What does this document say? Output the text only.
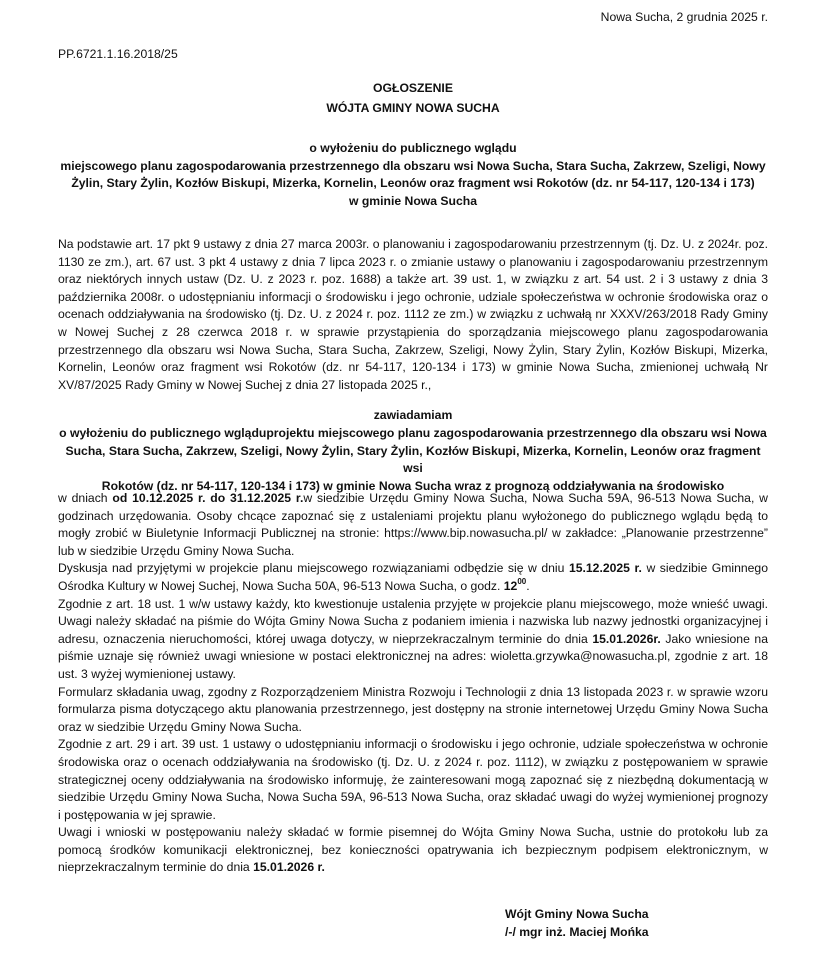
Nowa Sucha, 2 grudnia 2025 r.
PP.6721.1.16.2018/25
OGŁOSZENIE
WÓJTA GMINY NOWA SUCHA
o wyłożeniu do publicznego wglądu
miejscowego planu zagospodarowania przestrzennego dla obszaru wsi Nowa Sucha, Stara Sucha, Zakrzew, Szeligi, Nowy
Żylin, Stary Żylin, Kozłów Biskupi, Mizerka, Kornelin, Leonów oraz fragment wsi Rokotów (dz. nr 54-117, 120-134 i 173)
w gminie Nowa Sucha
Na podstawie art. 17 pkt 9 ustawy z dnia 27 marca 2003r. o planowaniu i zagospodarowaniu przestrzennym (tj. Dz. U. z 2024r. poz. 1130 ze zm.), art. 67 ust. 3 pkt 4 ustawy z dnia 7 lipca 2023 r. o zmianie ustawy o planowaniu i zagospodarowaniu przestrzennym oraz niektórych innych ustaw (Dz. U. z 2023 r. poz. 1688) a także art. 39 ust. 1, w związku z art. 54 ust. 2 i 3 ustawy z dnia 3 października 2008r. o udostępnianiu informacji o środowisku i jego ochronie, udziale społeczeństwa w ochronie środowiska oraz o ocenach oddziaływania na środowisko (tj. Dz. U. z 2024 r. poz. 1112 ze zm.) w związku z uchwałą nr XXXV/263/2018 Rady Gminy w Nowej Suchej z 28 czerwca 2018 r. w sprawie przystąpienia do sporządzania miejscowego planu zagospodarowania przestrzennego dla obszaru wsi Nowa Sucha, Stara Sucha, Zakrzew, Szeligi, Nowy Żylin, Stary Żylin, Kozłów Biskupi, Mizerka, Kornelin, Leonów oraz fragment wsi Rokotów (dz. nr 54-117, 120-134 i 173) w gminie Nowa Sucha, zmienionej uchwałą Nr XV/87/2025 Rady Gminy w Nowej Suchej z dnia 27 listopada 2025 r.,
zawiadamiam
o wyłożeniu do publicznego wgląduprojektu miejscowego planu zagospodarowania przestrzennego dla obszaru wsi Nowa
Sucha, Stara Sucha, Zakrzew, Szeligi, Nowy Żylin, Stary Żylin, Kozłów Biskupi, Mizerka, Kornelin, Leonów oraz fragment wsi
Rokotów (dz. nr 54-117, 120-134 i 173) w gminie Nowa Sucha wraz z prognozą oddziaływania na środowisko
w dniach od 10.12.2025 r. do 31.12.2025 r.w siedzibie Urzędu Gminy Nowa Sucha, Nowa Sucha 59A, 96-513 Nowa Sucha, w godzinach urzędowania. Osoby chcące zapoznać się z ustaleniami projektu planu wyłożonego do publicznego wglądu będą to mogły zrobić w Biuletynie Informacji Publicznej na stronie: https://www.bip.nowasucha.pl/ w zakładce: „Planowanie przestrzenne” lub w siedzibie Urzędu Gminy Nowa Sucha.
Dyskusja nad przyjętymi w projekcie planu miejscowego rozwiązaniami odbędzie się w dniu 15.12.2025 r. w siedzibie Gminnego Ośrodka Kultury w Nowej Suchej, Nowa Sucha 50A, 96-513 Nowa Sucha, o godz. $12^{00}$.
Zgodnie z art. 18 ust. 1 w/w ustawy każdy, kto kwestionuje ustalenia przyjęte w projekcie planu miejscowego, może wnieść uwagi. Uwagi należy składać na piśmie do Wójta Gminy Nowa Sucha z podaniem imienia i nazwiska lub nazwy jednostki organizacyjnej i adresu, oznaczenia nieruchomości, której uwaga dotyczy, w nieprzekraczalnym terminie do dnia 15.01.2026r. Jako wniesione na piśmie uznaje się również uwagi wniesione w postaci elektronicznej na adres: wioletta.grzywka@nowasucha.pl, zgodnie z art. 18 ust. 3 wyżej wymienionej ustawy.
Formularz składania uwag, zgodny z Rozporządzeniem Ministra Rozwoju i Technologii z dnia 13 listopada 2023 r. w sprawie wzoru formularza pisma dotyczącego aktu planowania przestrzennego, jest dostępny na stronie internetowej Urzędu Gminy Nowa Sucha oraz w siedzibie Urzędu Gminy Nowa Sucha.
Zgodnie z art. 29 i art. 39 ust. 1 ustawy o udostępnianiu informacji o środowisku i jego ochronie, udziale społeczeństwa w ochronie środowiska oraz o ocenach oddziaływania na środowisko (tj. Dz. U. z 2024 r. poz. 1112), w związku z postępowaniem w sprawie strategicznej oceny oddziaływania na środowisko informuję, że zainteresowani mogą zapoznać się z niezbędną dokumentacją w siedzibie Urzędu Gminy Nowa Sucha, Nowa Sucha 59A, 96-513 Nowa Sucha, oraz składać uwagi do wyżej wymienionej prognozy i postępowania w jej sprawie.
Uwagi i wnioski w postępowaniu należy składać w formie pisemnej do Wójta Gminy Nowa Sucha, ustnie do protokołu lub za pomocą środków komunikacji elektronicznej, bez konieczności opatrywania ich bezpiecznym podpisem elektronicznym, w nieprzekraczalnym terminie do dnia 15.01.2026 r.
Wójt Gminy Nowa Sucha
/-/ mgr inż. Maciej Mońka
